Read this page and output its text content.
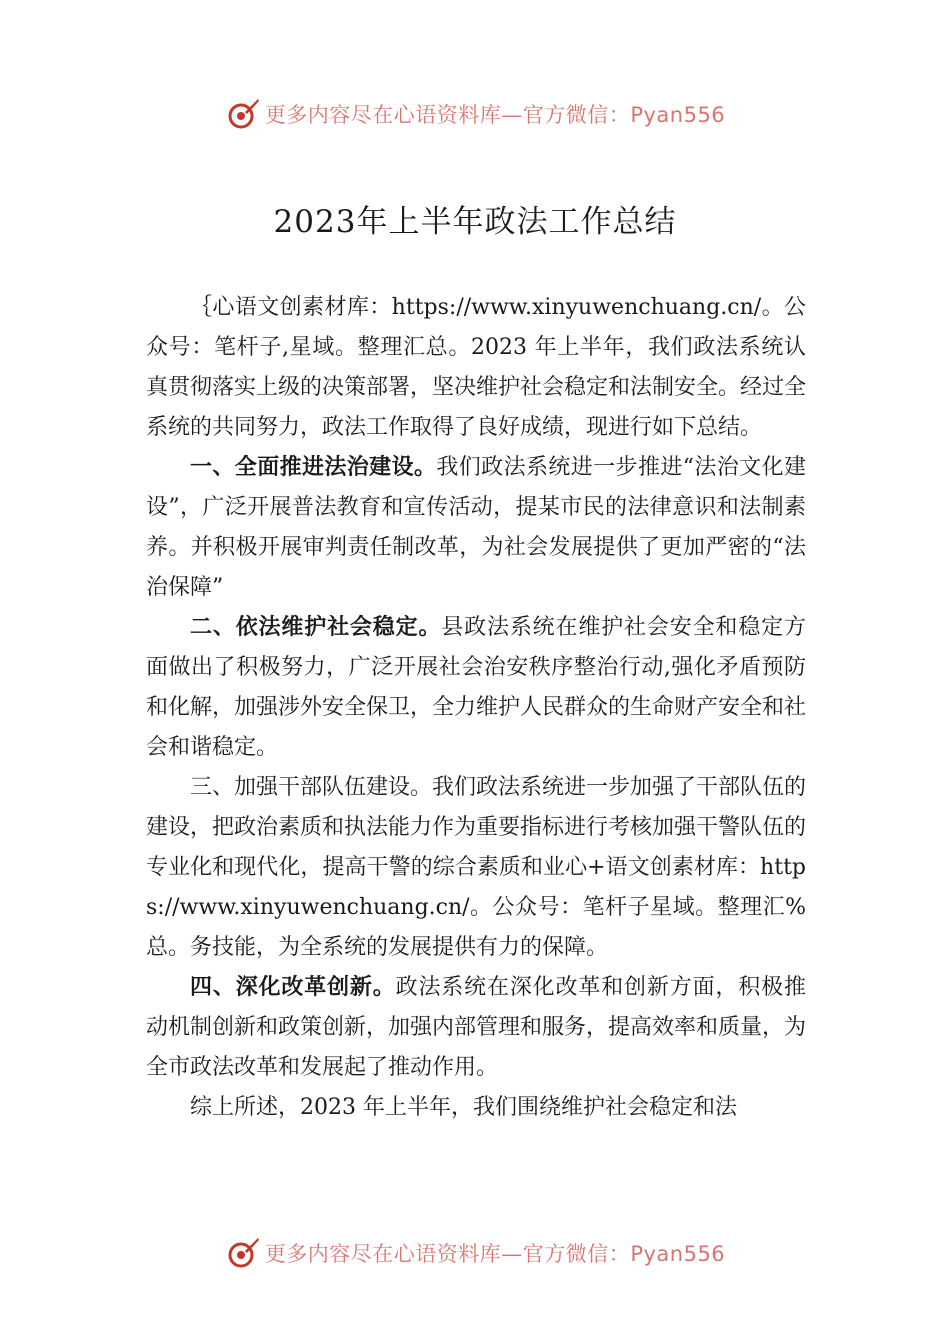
更多内容尽在心语资料库—官方微信：Pyan556
2023年上半年政法工作总结

｛心语文创素材库：https://www.xinyuwenchuang.cn/。公众号：笔杆子,星域。整理汇总。2023 年上半年，我们政法系统认真贯彻落实上级的决策部署，坚决维护社会稳定和法制安全。经过全系统的共同努力，政法工作取得了良好成绩，现进行如下总结。

一、全面推进法治建设。我们政法系统进一步推进“法治文化建设”，广泛开展普法教育和宣传活动，提某市民的法律意识和法制素养。并积极开展审判责任制改革，为社会发展提供了更加严密的“法治保障”

二、依法维护社会稳定。县政法系统在维护社会安全和稳定方面做出了积极努力，广泛开展社会治安秩序整治行动,强化矛盾预防和化解，加强涉外安全保卫，全力维护人民群众的生命财产安全和社会和谐稳定。

三、加强干部队伍建设。我们政法系统进一步加强了干部队伍的建设，把政治素质和执法能力作为重要指标进行考核加强干警队伍的专业化和现代化，提高干警的综合素质和业心+语文创素材库：https://www.xinyuwenchuang.cn/。公众号：笔杆子星域。整理汇%总。务技能，为全系统的发展提供有力的保障。

四、深化改革创新。政法系统在深化改革和创新方面，积极推动机制创新和政策创新，加强内部管理和服务，提高效率和质量，为全市政法改革和发展起了推动作用。

综上所述，2023 年上半年，我们围绕维护社会稳定和法

更多内容尽在心语资料库—官方微信：Pyan556
